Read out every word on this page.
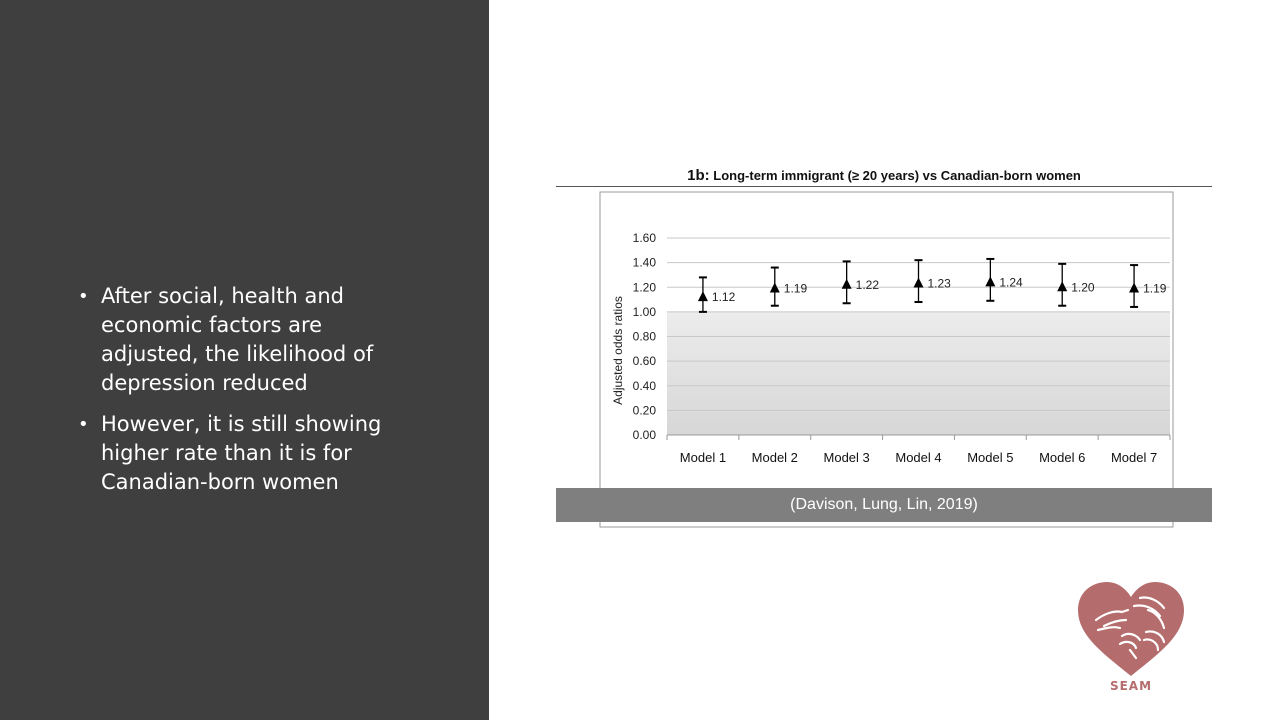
• After social, health and economic factors are adjusted, the likelihood of depression reduced
• However, it is still showing higher rate than it is for Canadian-born women
1b: Long-term immigrant (≥ 20 years) vs Canadian-born women
0.00
0.20
0.40
0.60
0.80
1.00
1.20
1.40
1.60
Adjusted odds ratios
Model 1
1.12
Model 2
1.19
Model 3
1.22
Model 4
1.23
Model 5
1.24
Model 6
1.20
Model 7
1.19
(Davison, Lung, Lin, 2019)
SEAM
